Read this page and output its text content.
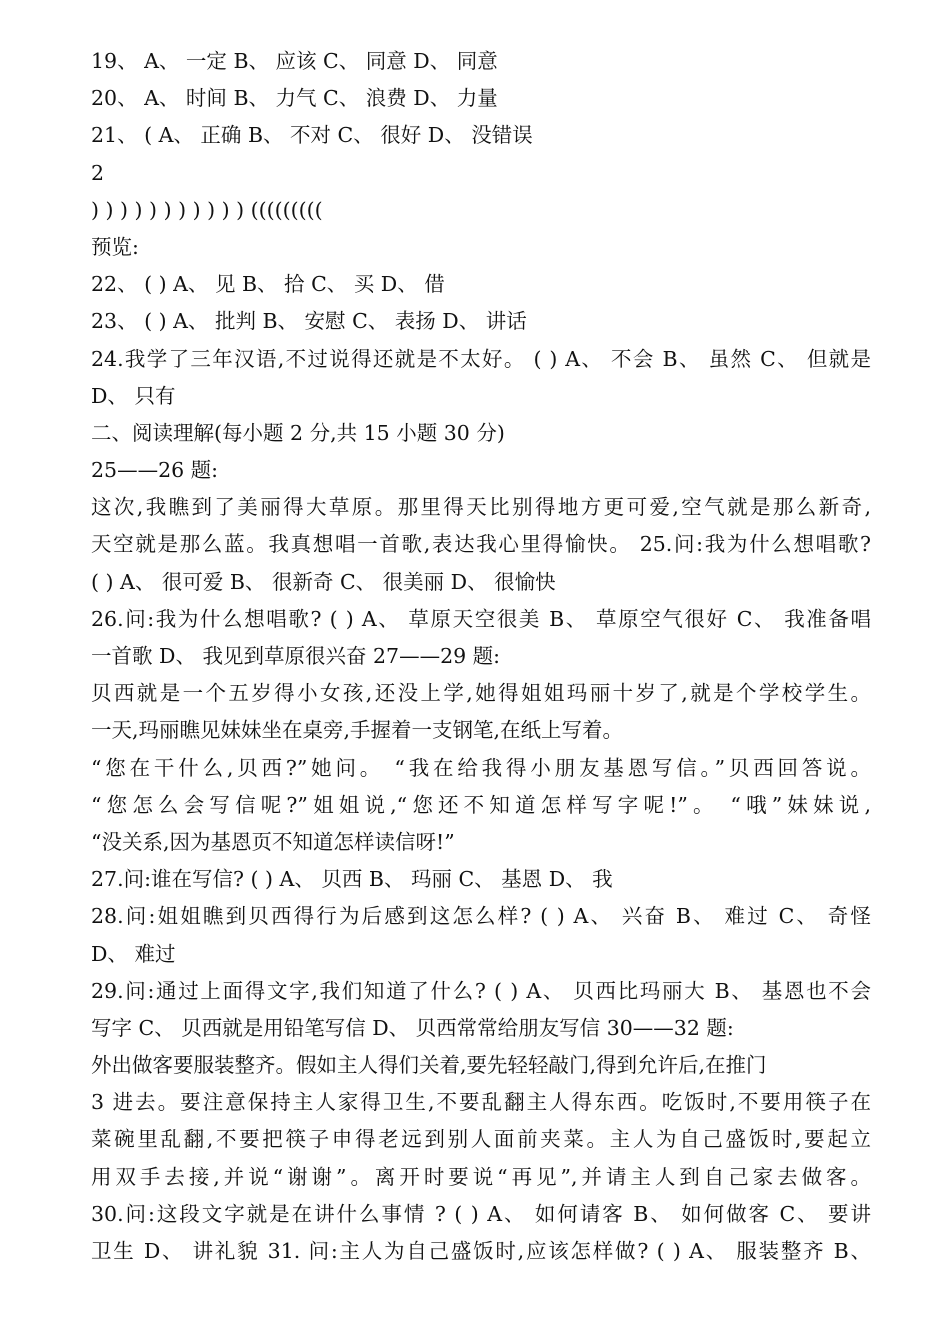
19、 A、 一定 B、 应该 C、 同意 D、 同意
20、 A、 时间 B、 力气 C、 浪费 D、 力量
21、 ( A、 正确 B、 不对 C、 很好 D、 没错误
2
) ) ) ) ) ) ) ) ) ) ) (((((((((
预览:
22、 ( ) A、 见 B、 拾 C、 买 D、 借
23、 ( ) A、 批判 B、 安慰 C、 表扬 D、 讲话
24.我学了三年汉语,不过说得还就是不太好。 ( ) A、 不会 B、 虽然 C、 但就是
D、 只有
二、阅读理解(每小题 2 分,共 15 小题 30 分)
25——26 题:
这次,我瞧到了美丽得大草原。那里得天比别得地方更可爱,空气就是那么新奇,
天空就是那么蓝。我真想唱一首歌,表达我心里得愉快。 25.问:我为什么想唱歌?
( ) A、 很可爱 B、 很新奇 C、 很美丽 D、 很愉快
26.问:我为什么想唱歌? ( ) A、 草原天空很美 B、 草原空气很好 C、 我准备唱
一首歌 D、 我见到草原很兴奋 27——29 题:
贝西就是一个五岁得小女孩,还没上学,她得姐姐玛丽十岁了,就是个学校学生。
一天,玛丽瞧见妹妹坐在桌旁,手握着一支钢笔,在纸上写着。
“您在干什么,贝西?”她问。 “我在给我得小朋友基恩写信。”贝西回答说。
“您怎么会写信呢?”姐姐说,“您还不知道怎样写字呢!”。 “哦”妹妹说,
“没关系,因为基恩页不知道怎样读信呀!”
27.问:谁在写信? ( ) A、 贝西 B、 玛丽 C、 基恩 D、 我
28.问:姐姐瞧到贝西得行为后感到这怎么样? ( ) A、 兴奋 B、 难过 C、 奇怪
D、 难过
29.问:通过上面得文字,我们知道了什么? ( ) A、 贝西比玛丽大 B、 基恩也不会
写字 C、 贝西就是用铅笔写信 D、 贝西常常给朋友写信 30——32 题:
外出做客要服装整齐。假如主人得们关着,要先轻轻敲门,得到允许后,在推门
3 进去。要注意保持主人家得卫生,不要乱翻主人得东西。吃饭时,不要用筷子在
菜碗里乱翻,不要把筷子申得老远到别人面前夹菜。主人为自己盛饭时,要起立
用双手去接,并说“谢谢”。离开时要说“再见”,并请主人到自己家去做客。
30.问:这段文字就是在讲什么事情 ? ( ) A、 如何请客 B、 如何做客 C、 要讲
卫生 D、 讲礼貌 31. 问:主人为自己盛饭时,应该怎样做? ( ) A、 服装整齐 B、
